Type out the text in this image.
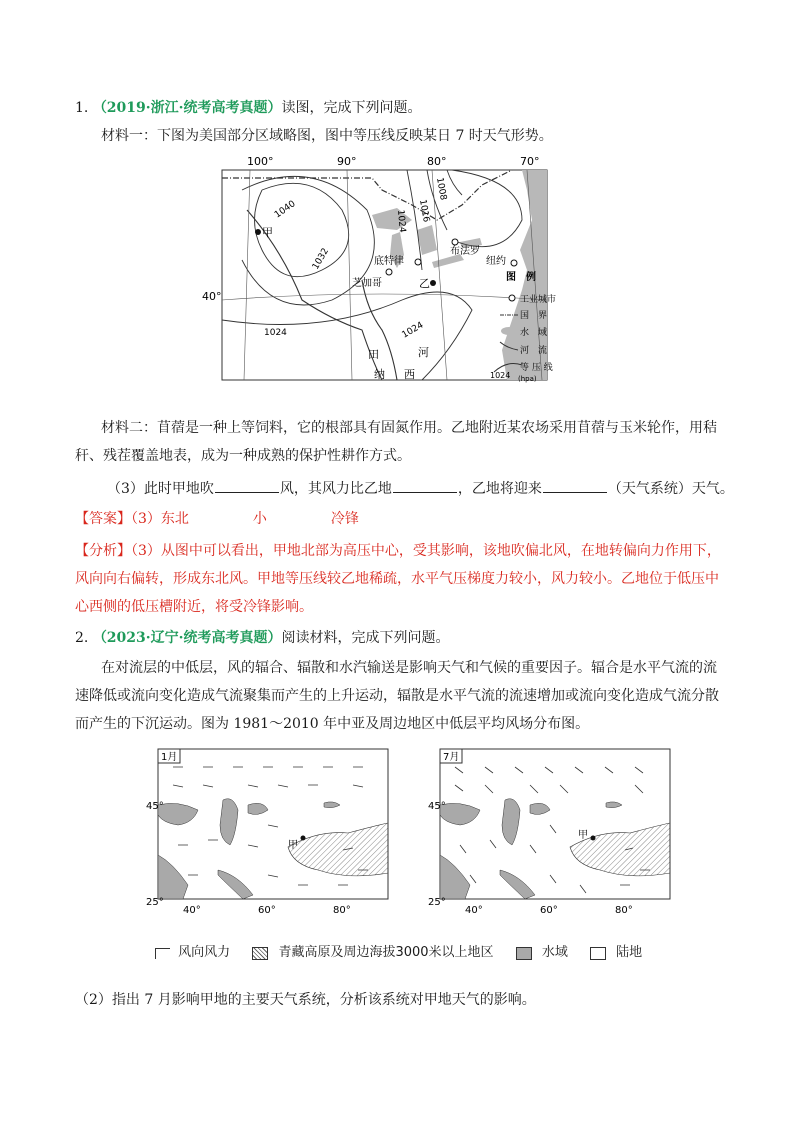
1. （2019·浙江·统考高考真题）读图，完成下列问题。
材料一：下图为美国部分区域略图，图中等压线反映某日 7 时天气形势。
100°	90°	80°	70°
40°
1040
1032
1024	1024
1016
1008
1024
甲
底特律
布法罗
纽约
芝加哥	乙
田	河
纳 西
图　例
工业城市
国　界
水　域
河　流
1024
等 压 线
(hpa)
材料二：苜蓿是一种上等饲料，它的根部具有固氮作用。乙地附近某农场采用苜蓿与玉米轮作，用秸
秆、残茬覆盖地表，成为一种成熟的保护性耕作方式。
（3）此时甲地吹	风，其风力比乙地	，乙地将迎来	（天气系统）天气。
【答案】（3）东北	小	冷锋
【分析】（3）从图中可以看出，甲地北部为高压中心，受其影响，该地吹偏北风，在地转偏向力作用下，
风向向右偏转，形成东北风。甲地等压线较乙地稀疏，水平气压梯度力较小，风力较小。乙地位于低压中
心西侧的低压槽附近，将受冷锋影响。
2. （2023·辽宁·统考高考真题）阅读材料，完成下列问题。
在对流层的中低层，风的辐合、辐散和水汽输送是影响天气和气候的重要因子。辐合是水平气流的流
速降低或流向变化造成气流聚集而产生的上升运动，辐散是水平气流的流速增加或流向变化造成气流分散
而产生的下沉运动。图为 1981～2010 年中亚及周边地区中低层平均风场分布图。
1月
甲
45°
25°
40°	60°	80°
7月
甲
45°
25°
40°	60°	80°
风向风力	青藏高原及周边海拔3000米以上地区	水域	陆地
（2）指出 7 月影响甲地的主要天气系统，分析该系统对甲地天气的影响。
